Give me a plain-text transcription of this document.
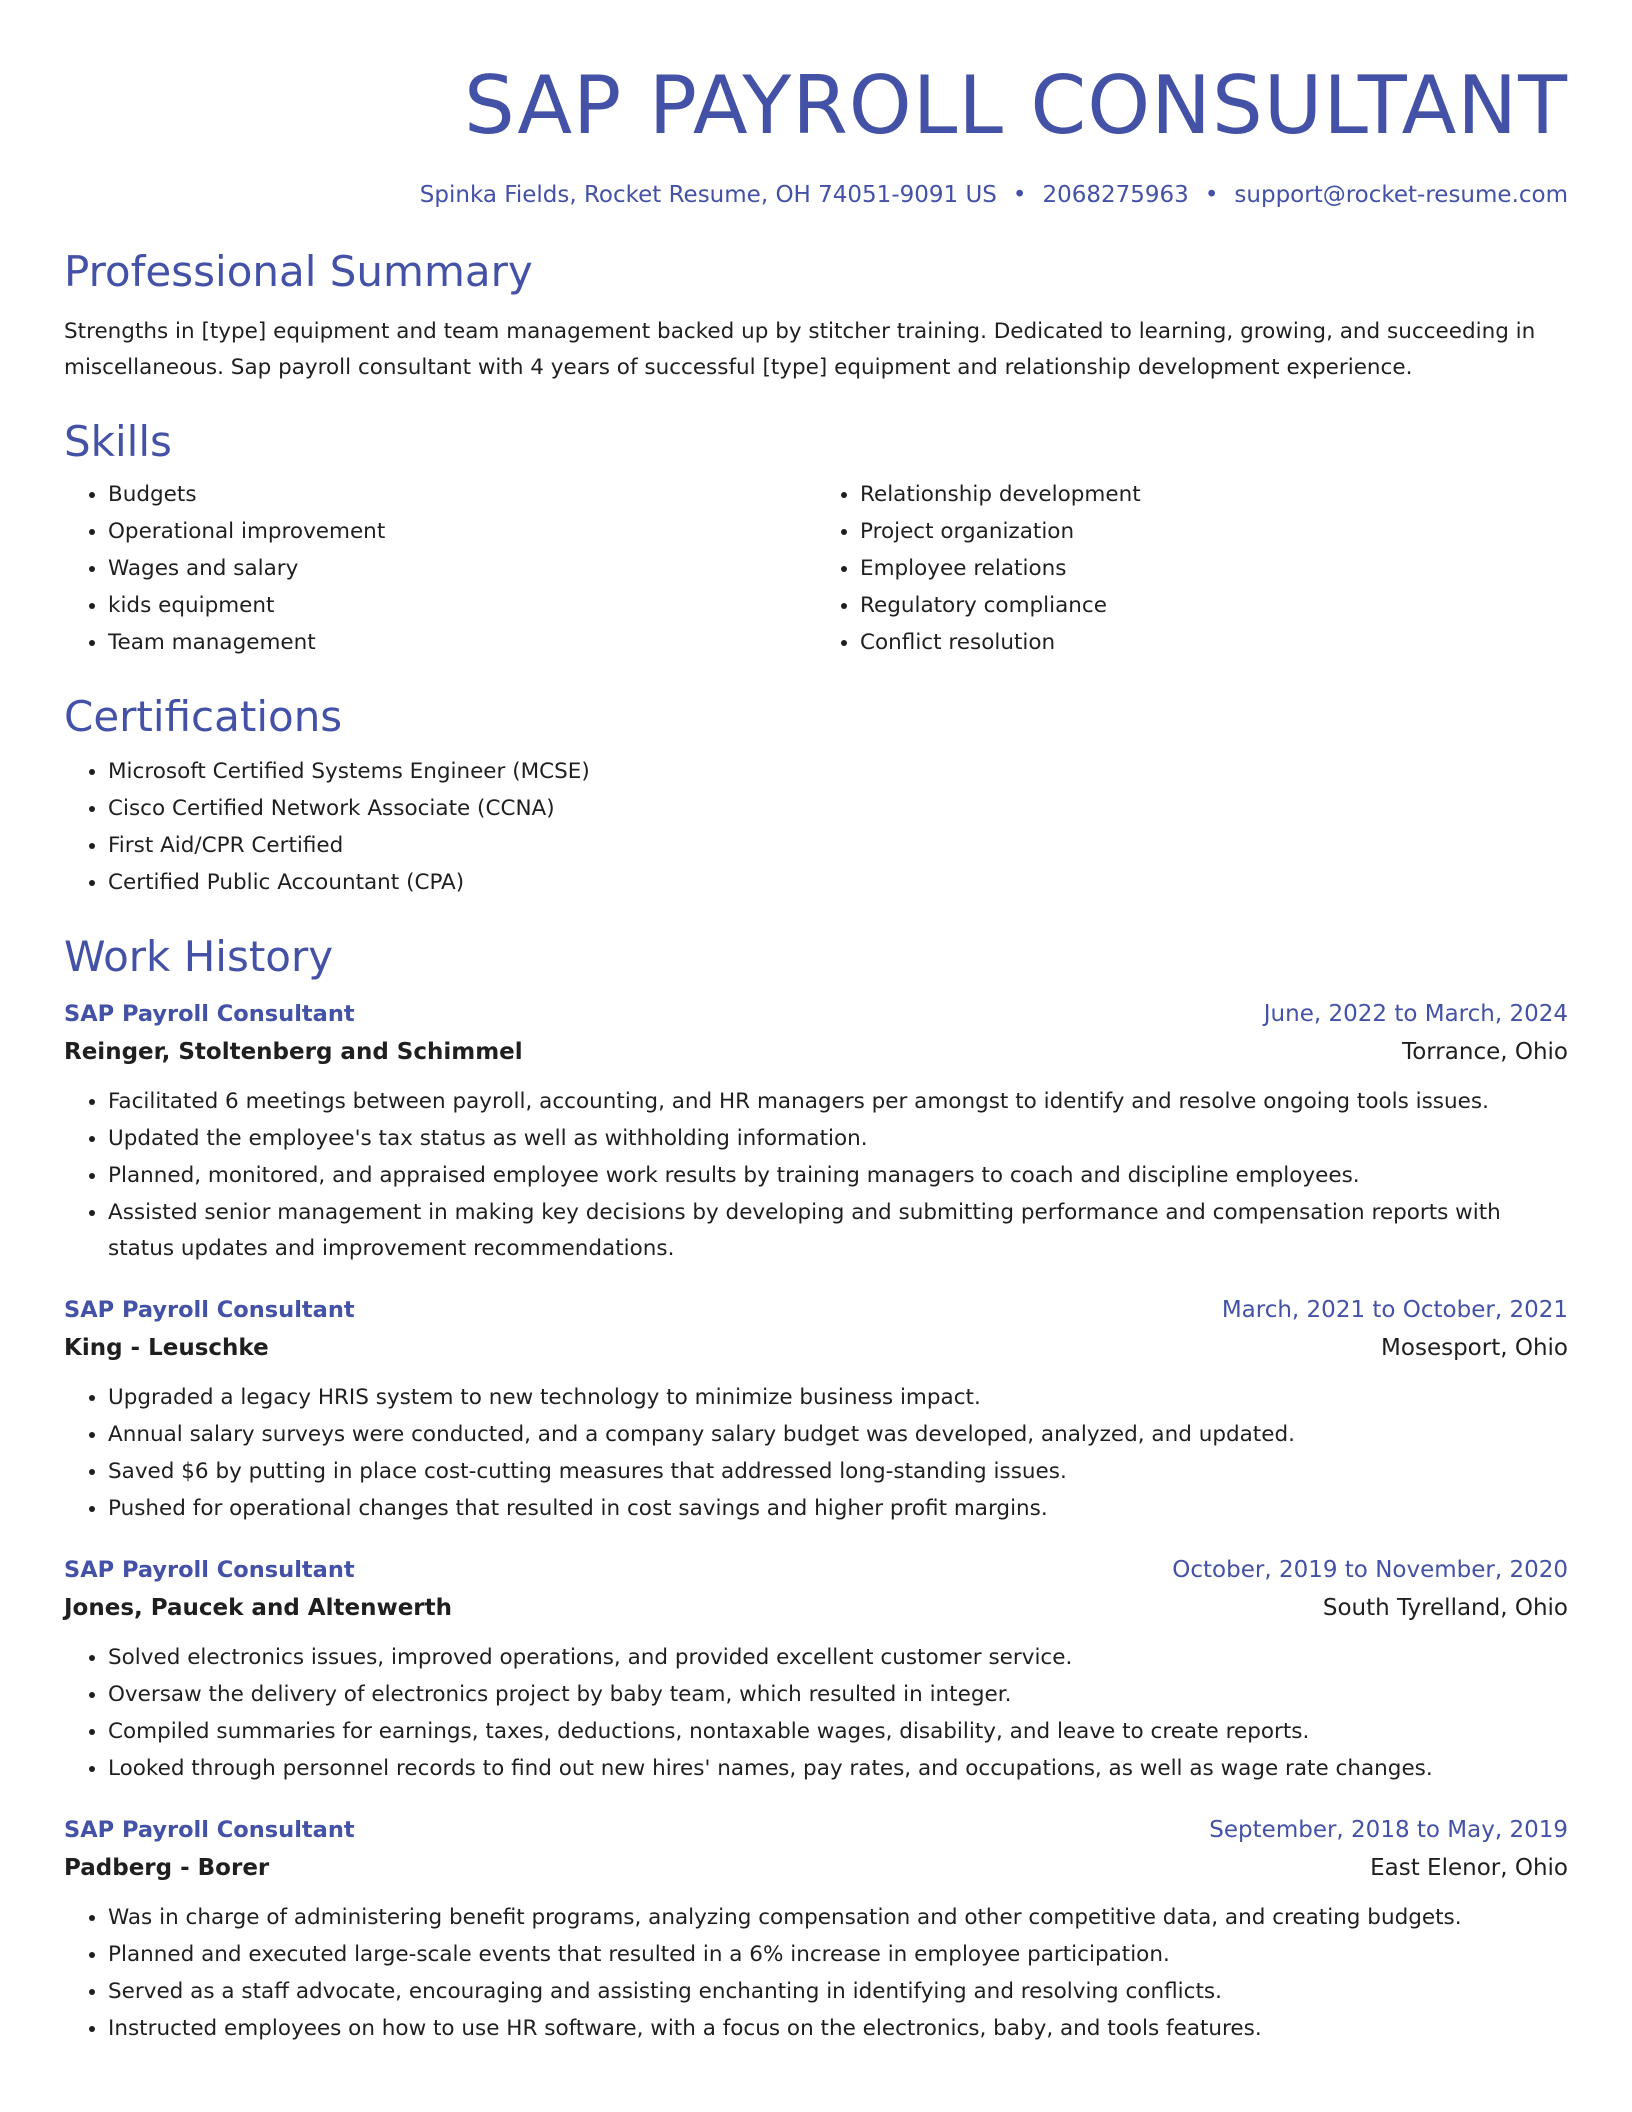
SAP PAYROLL CONSULTANT
Spinka Fields, Rocket Resume, OH 74051-9091 US • 2068275963 • support@rocket-resume.com
Professional Summary

Strengths in [type] equipment and team management backed up by stitcher training. Dedicated to learning, growing, and succeeding in miscellaneous. Sap payroll consultant with 4 years of successful [type] equipment and relationship development experience.

Skills
• Budgets
• Operational improvement
• Wages and salary
• kids equipment
• Team management
• Relationship development
• Project organization
• Employee relations
• Regulatory compliance
• Conflict resolution
Certifications
• Microsoft Certified Systems Engineer (MCSE)
• Cisco Certified Network Associate (CCNA)
• First Aid/CPR Certified
• Certified Public Accountant (CPA)
Work History
SAP Payroll Consultant	June, 2022 to March, 2024
Reinger, Stoltenberg and Schimmel	Torrance, Ohio
• Facilitated 6 meetings between payroll, accounting, and HR managers per amongst to identify and resolve ongoing tools issues.
• Updated the employee's tax status as well as withholding information.
• Planned, monitored, and appraised employee work results by training managers to coach and discipline employees.
• Assisted senior management in making key decisions by developing and submitting performance and compensation reports with status updates and improvement recommendations.
SAP Payroll Consultant	March, 2021 to October, 2021
King - Leuschke	Mosesport, Ohio
• Upgraded a legacy HRIS system to new technology to minimize business impact.
• Annual salary surveys were conducted, and a company salary budget was developed, analyzed, and updated.
• Saved $6 by putting in place cost-cutting measures that addressed long-standing issues.
• Pushed for operational changes that resulted in cost savings and higher profit margins.
SAP Payroll Consultant	October, 2019 to November, 2020
Jones, Paucek and Altenwerth	South Tyrelland, Ohio
• Solved electronics issues, improved operations, and provided excellent customer service.
• Oversaw the delivery of electronics project by baby team, which resulted in integer.
• Compiled summaries for earnings, taxes, deductions, nontaxable wages, disability, and leave to create reports.
• Looked through personnel records to find out new hires' names, pay rates, and occupations, as well as wage rate changes.
SAP Payroll Consultant	September, 2018 to May, 2019
Padberg - Borer	East Elenor, Ohio
• Was in charge of administering benefit programs, analyzing compensation and other competitive data, and creating budgets.
• Planned and executed large-scale events that resulted in a 6% increase in employee participation.
• Served as a staff advocate, encouraging and assisting enchanting in identifying and resolving conflicts.
• Instructed employees on how to use HR software, with a focus on the electronics, baby, and tools features.
